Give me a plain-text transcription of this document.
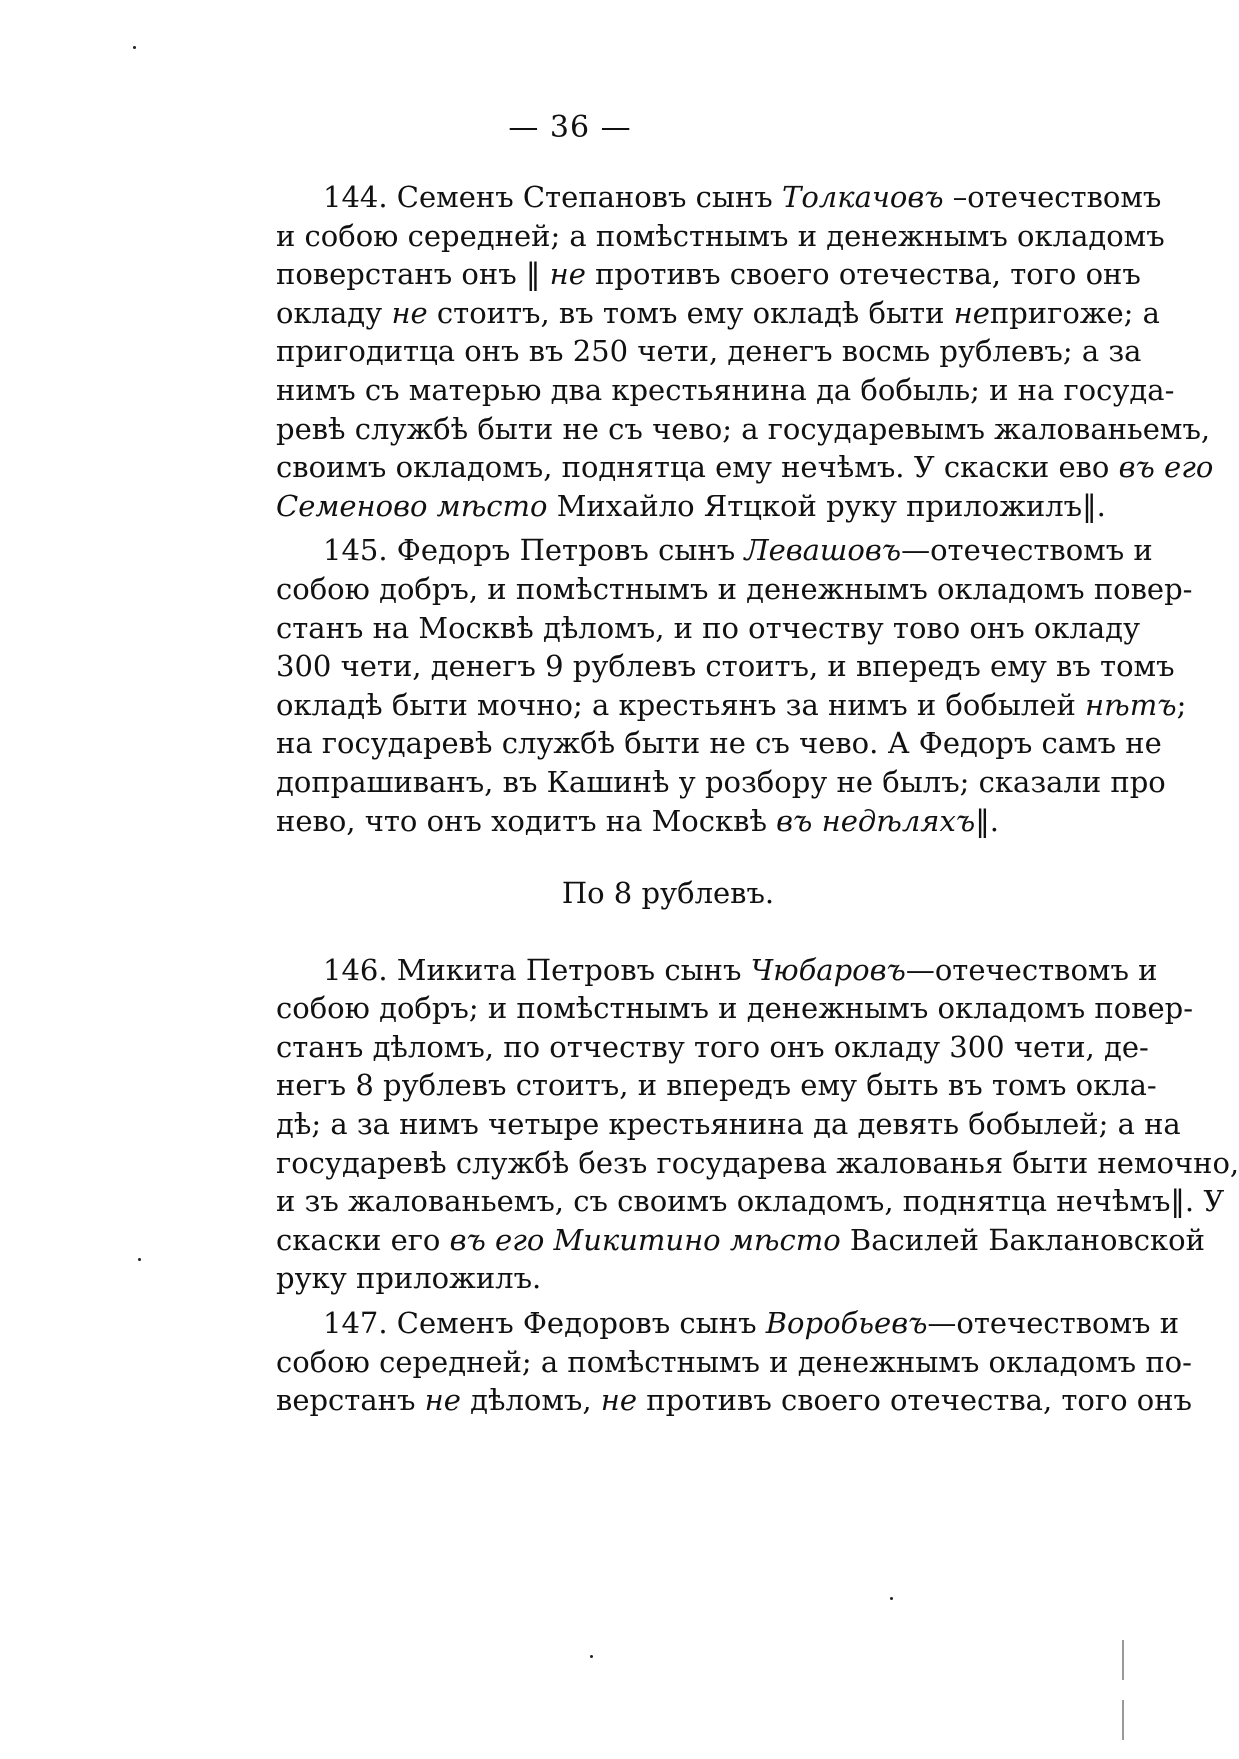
— 36 —
144. Семенъ Степановъ сынъ Толкачовъ –отечествомъ
и собою середней; а помѣстнымъ и денежнымъ окладомъ
поверстанъ онъ ‖ не противъ своего отечества, того онъ
окладу не стоитъ, въ томъ ему окладѣ быти непригоже; а
пригодитца онъ въ 250 чети, денегъ восмь рублевъ; а за
нимъ съ матерью два крестьянина да бобыль; и на госуда-
ревѣ службѣ быти не съ чево; а государевымъ жалованьемъ,
своимъ окладомъ, поднятца ему нечѣмъ. У скаски ево въ его
Семеново мѣсто Михайло Ятцкой руку приложилъ‖.
145. Федоръ Петровъ сынъ Левашовъ—отечествомъ и
собою добръ, и помѣстнымъ и денежнымъ окладомъ повер-
станъ на Москвѣ дѣломъ, и по отчеству тово онъ окладу
300 чети, денегъ 9 рублевъ стоитъ, и впередъ ему въ томъ
окладѣ быти мочно; а крестьянъ за нимъ и бобылей нѣтъ;
на государевѣ службѣ быти не съ чево. А Федоръ самъ не
допрашиванъ, въ Кашинѣ у розбору не былъ; сказали про
нево, что онъ ходитъ на Москвѣ въ недѣляхъ‖.
По 8 рублевъ.
146. Микита Петровъ сынъ Чюбаровъ—отечествомъ и
собою добръ; и помѣстнымъ и денежнымъ окладомъ повер-
станъ дѣломъ, по отчеству того онъ окладу 300 чети, де-
негъ 8 рублевъ стоитъ, и впередъ ему быть въ томъ окла-
дѣ; а за нимъ четыре крестьянина да девять бобылей; а на
государевѣ службѣ безъ государева жалованья быти немочно,
и зъ жалованьемъ, съ своимъ окладомъ, поднятца нечѣмъ‖. У
скаски его въ его Микитино мѣсто Василей Баклановской
руку приложилъ.
147. Семенъ Федоровъ сынъ Воробьевъ—отечествомъ и
собою середней; а помѣстнымъ и денежнымъ окладомъ по-
верстанъ не дѣломъ, не противъ своего отечества, того онъ
